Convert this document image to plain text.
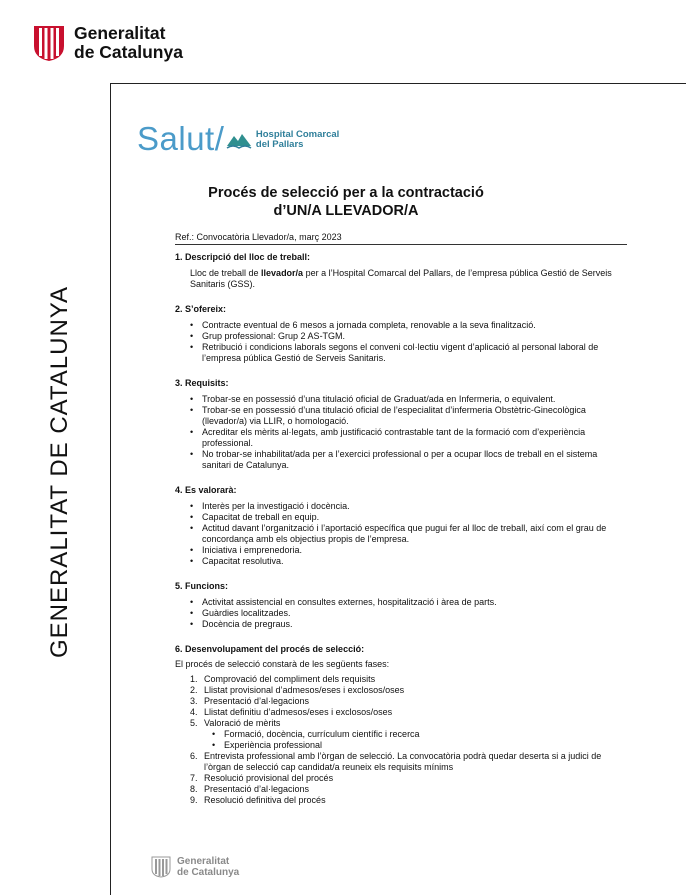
Generalitat
de Catalunya
GENERALITAT DE CATALUNYA
Salut /	Hospital Comarcal
del Pallars
Procés de selecció per a la contractació
d’UN/A LLEVADOR/A
Ref.: Convocatòria Llevador/a, març 2023
1. Descripció del lloc de treball:

Lloc de treball de llevador/a per a l’Hospital Comarcal del Pallars, de l’empresa pública Gestió de Serveis Sanitaris (GSS).

2. S’ofereix:
• Contracte eventual de 6 mesos a jornada completa, renovable a la seva finalització.
• Grup professional: Grup 2 AS-TGM.
• Retribució i condicions laborals segons el conveni col·lectiu vigent d’aplicació al personal laboral de l’empresa pública Gestió de Serveis Sanitaris.
3. Requisits:
• Trobar-se en possessió d’una titulació oficial de Graduat/ada en Infermeria, o equivalent.
• Trobar-se en possessió d’una titulació oficial de l’especialitat d’infermeria Obstètric-Ginecològica (llevador/a) via LLIR, o homologació.
• Acreditar els mèrits al·legats, amb justificació contrastable tant de la formació com d’experiència professional.
• No trobar-se inhabilitat/ada per a l’exercici professional o per a ocupar llocs de treball en el sistema sanitari de Catalunya.
4. Es valorarà:
• Interès per la investigació i docència.
• Capacitat de treball en equip.
• Actitud davant l’organització i l’aportació específica que pugui fer al lloc de treball, així com el grau de concordança amb els objectius propis de l’empresa.
• Iniciativa i emprenedoria.
• Capacitat resolutiva.
5. Funcions:
• Activitat assistencial en consultes externes, hospitalització i àrea de parts.
• Guàrdies localitzades.
• Docència de pregraus.
6. Desenvolupament del procés de selecció:
El procés de selecció constarà de les següents fases:
1. Comprovació del compliment dels requisits
2. Llistat provisional d’admesos/eses i exclosos/oses
3. Presentació d’al·legacions
4. Llistat definitiu d’admesos/eses i exclosos/oses
5. Valoració de mèrits
• Formació, docència, currículum científic i recerca
• Experiència professional
6. Entrevista professional amb l’òrgan de selecció. La convocatòria podrà quedar deserta si a judici de l’òrgan de selecció cap candidat/a reuneix els requisits mínims
7. Resolució provisional del procés
8. Presentació d’al·legacions
9. Resolució definitiva del procés
Generalitat
de Catalunya
